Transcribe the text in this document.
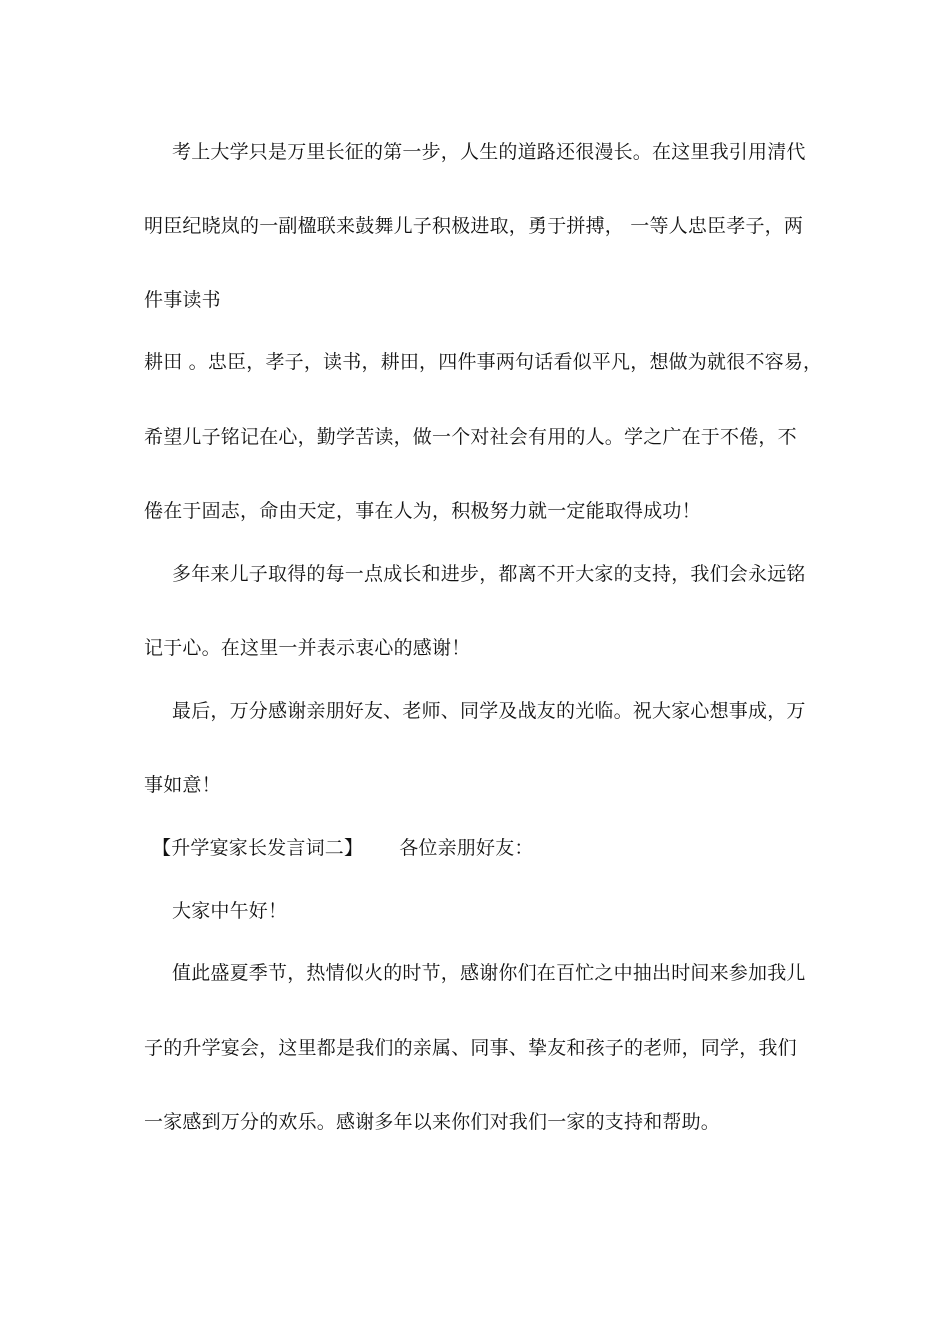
考上大学只是万里长征的第一步，人生的道路还很漫长。在这里我引用清代
明臣纪晓岚的一副楹联来鼓舞儿子积极进取，勇于拼搏， 一等人忠臣孝子，两
件事读书
耕田 。忠臣，孝子，读书，耕田，四件事两句话看似平凡，想做为就很不容易，
希望儿子铭记在心，勤学苦读，做一个对社会有用的人。学之广在于不倦，不
倦在于固志，命由天定，事在人为，积极努力就一定能取得成功！
多年来儿子取得的每一点成长和进步，都离不开大家的支持，我们会永远铭
记于心。在这里一并表示衷心的感谢！
最后，万分感谢亲朋好友、老师、同学及战友的光临。祝大家心想事成，万
事如意！
【升学宴家长发言词二】 各位亲朋好友：
大家中午好！
值此盛夏季节，热情似火的时节，感谢你们在百忙之中抽出时间来参加我儿
子的升学宴会，这里都是我们的亲属、同事、挚友和孩子的老师，同学，我们
一家感到万分的欢乐。感谢多年以来你们对我们一家的支持和帮助。
